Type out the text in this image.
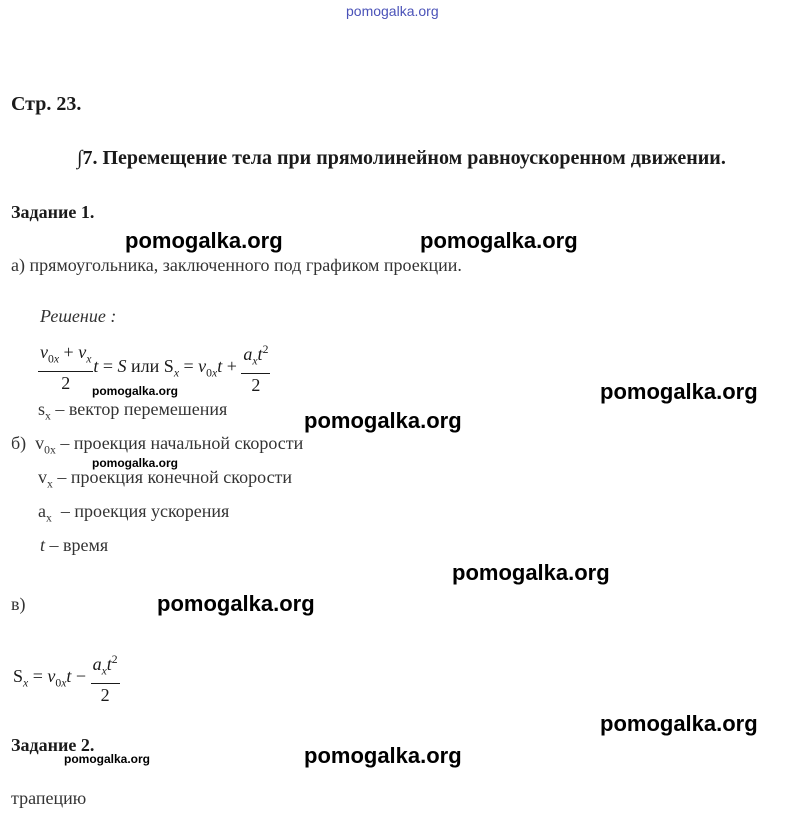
pomogalka.org
Стр. 23.
∫7. Перемещение тела при прямолинейном равноускоренном движении.
Задание 1.
pomogalka.org	pomogalka.org
а) прямоугольника, заключенного под графиком проекции.
Решение :
$\frac{v_{0x} + v_x}{2}$ t = S или $S_x = v_{0x}t + \frac{a_xt^2}{2}$
pomogalka.org	pomogalka.org
$s_x$ – вектор перемешения	pomogalka.org
б) $v_{0x}$ – проекция начальной скорости
pomogalka.org
$v_x$ – проекция конечной скорости
$a_x$ – проекция ускорения
t – время
pomogalka.org
в)	pomogalka.org
$S_x = v_{0x}t - \frac{a_xt^2}{2}$
pomogalka.org
Задание 2.
pomogalka.org	pomogalka.org
трапецию
